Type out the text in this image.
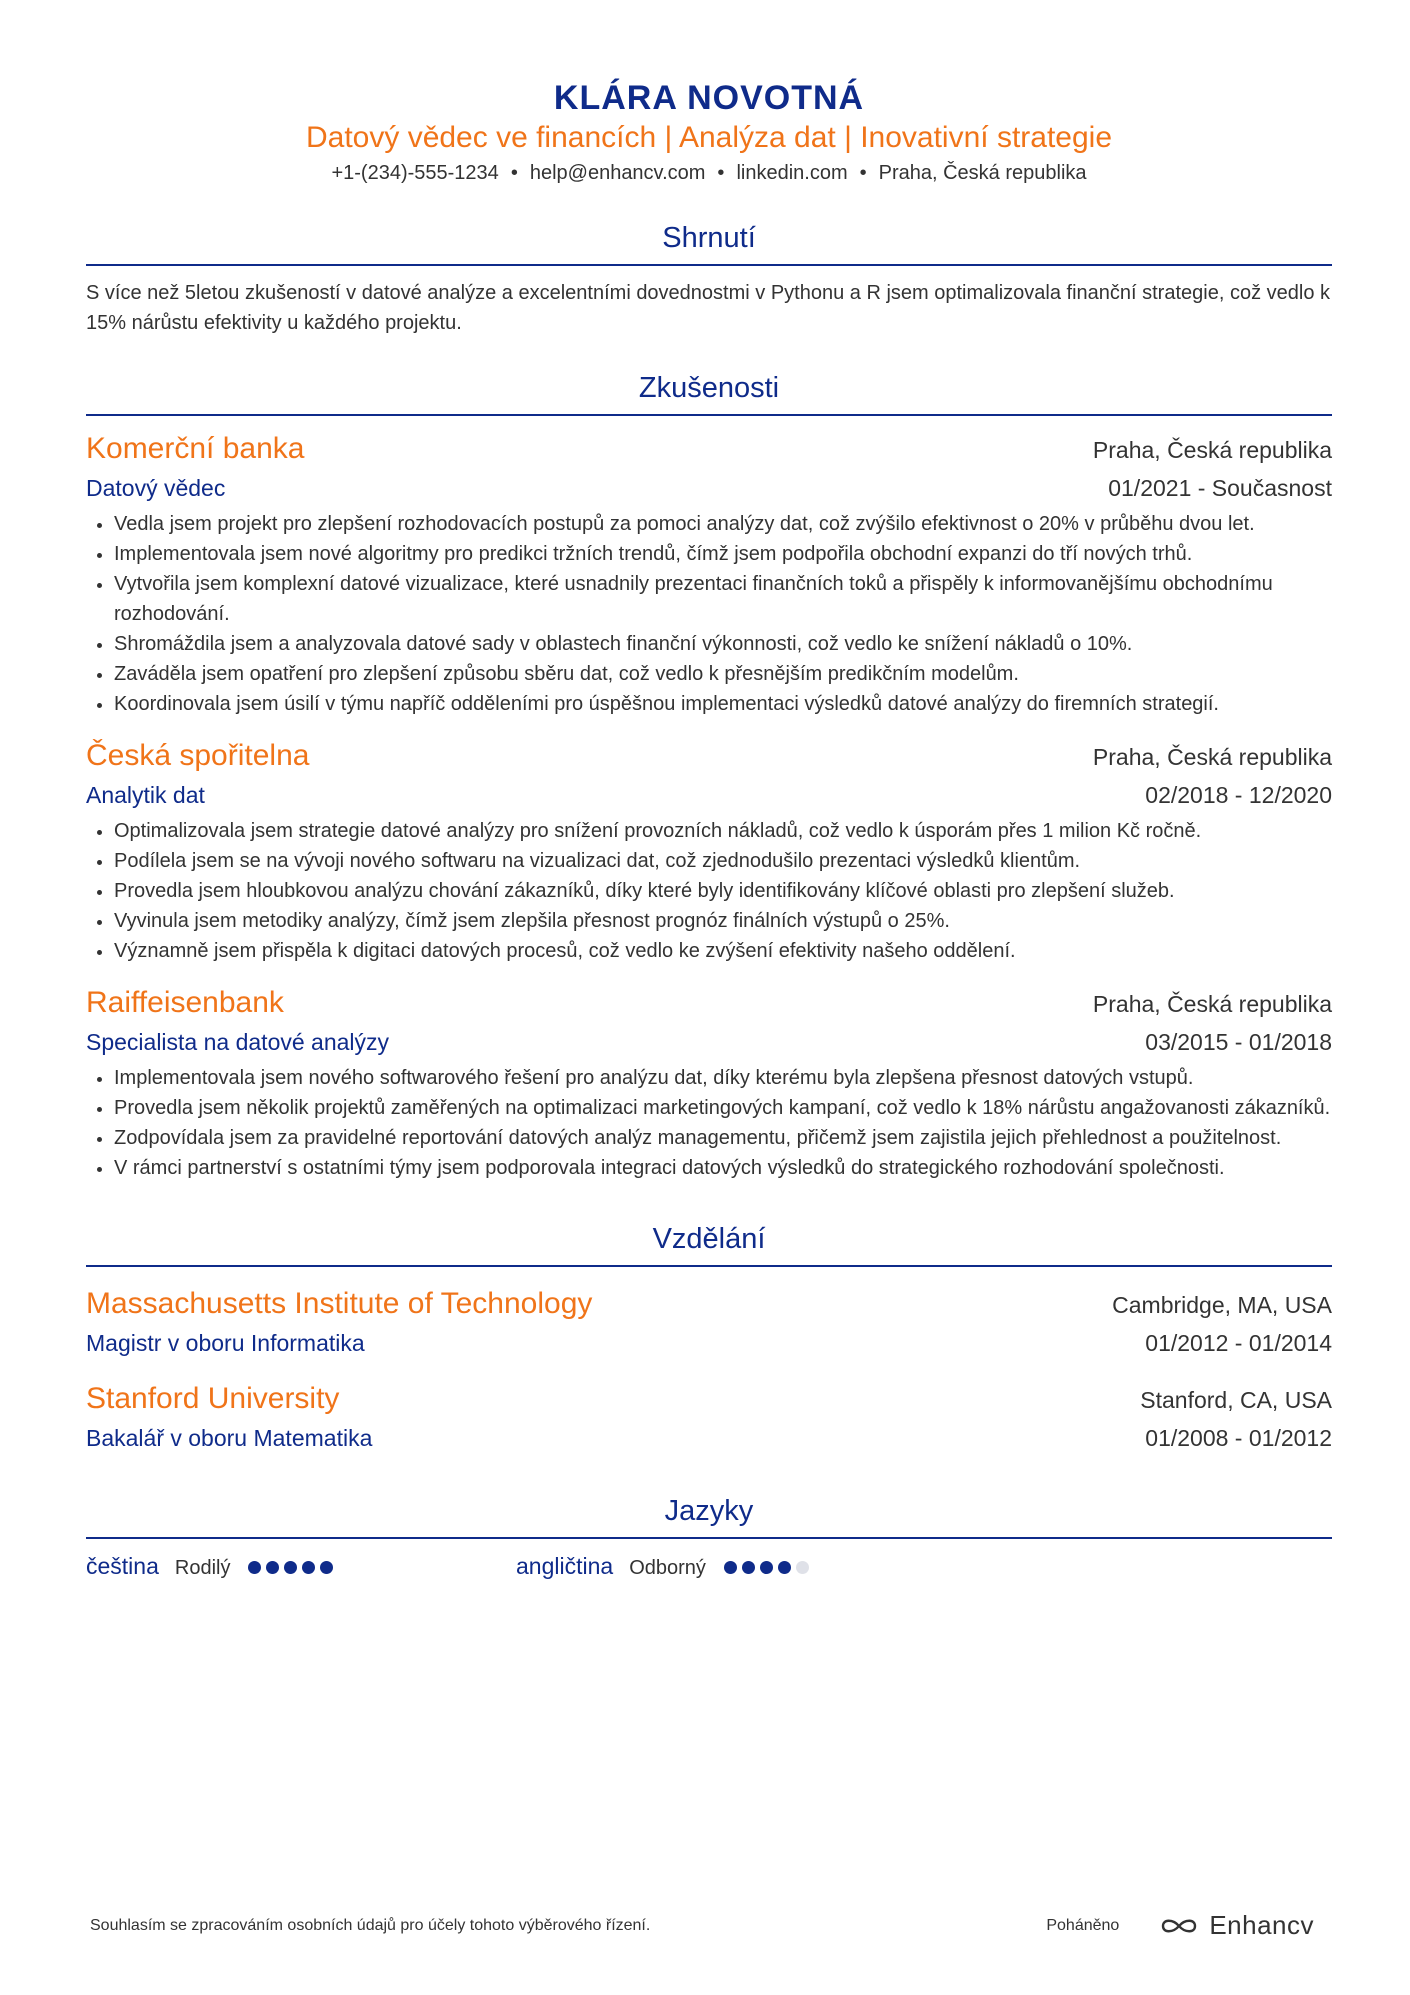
KLÁRA NOVOTNÁ
Datový vědec ve financích | Analýza dat | Inovativní strategie
+1-(234)-555-1234 • help@enhancv.com • linkedin.com • Praha, Česká republika
Shrnutí
S více než 5letou zkušeností v datové analýze a excelentními dovednostmi v Pythonu a R jsem optimalizovala finanční strategie, což vedlo k 15% nárůstu efektivity u každého projektu.
Zkušenosti
Komerční banka	Praha, Česká republika
Datový vědec	01/2021 - Současnost
• Vedla jsem projekt pro zlepšení rozhodovacích postupů za pomoci analýzy dat, což zvýšilo efektivnost o 20% v průběhu dvou let.
• Implementovala jsem nové algoritmy pro predikci tržních trendů, čímž jsem podpořila obchodní expanzi do tří nových trhů.
• Vytvořila jsem komplexní datové vizualizace, které usnadnily prezentaci finančních toků a přispěly k informovanějšímu obchodnímu rozhodování.
• Shromáždila jsem a analyzovala datové sady v oblastech finanční výkonnosti, což vedlo ke snížení nákladů o 10%.
• Zaváděla jsem opatření pro zlepšení způsobu sběru dat, což vedlo k přesnějším predikčním modelům.
• Koordinovala jsem úsilí v týmu napříč odděleními pro úspěšnou implementaci výsledků datové analýzy do firemních strategií.
Česká spořitelna	Praha, Česká republika
Analytik dat	02/2018 - 12/2020
• Optimalizovala jsem strategie datové analýzy pro snížení provozních nákladů, což vedlo k úsporám přes 1 milion Kč ročně.
• Podílela jsem se na vývoji nového softwaru na vizualizaci dat, což zjednodušilo prezentaci výsledků klientům.
• Provedla jsem hloubkovou analýzu chování zákazníků, díky které byly identifikovány klíčové oblasti pro zlepšení služeb.
• Vyvinula jsem metodiky analýzy, čímž jsem zlepšila přesnost prognóz finálních výstupů o 25%.
• Významně jsem přispěla k digitaci datových procesů, což vedlo ke zvýšení efektivity našeho oddělení.
Raiffeisenbank	Praha, Česká republika
Specialista na datové analýzy	03/2015 - 01/2018
• Implementovala jsem nového softwarového řešení pro analýzu dat, díky kterému byla zlepšena přesnost datových vstupů.
• Provedla jsem několik projektů zaměřených na optimalizaci marketingových kampaní, což vedlo k 18% nárůstu angažovanosti zákazníků.
• Zodpovídala jsem za pravidelné reportování datových analýz managementu, přičemž jsem zajistila jejich přehlednost a použitelnost.
• V rámci partnerství s ostatními týmy jsem podporovala integraci datových výsledků do strategického rozhodování společnosti.
Vzdělání
Massachusetts Institute of Technology	Cambridge, MA, USA
Magistr v oboru Informatika	01/2012 - 01/2014
Stanford University	Stanford, CA, USA
Bakalář v oboru Matematika	01/2008 - 01/2012
Jazyky
čeština Rodilý	angličtina Odborný
Souhlasím se zpracováním osobních údajů pro účely tohoto výběrového řízení.	Poháněno	Enhancv
